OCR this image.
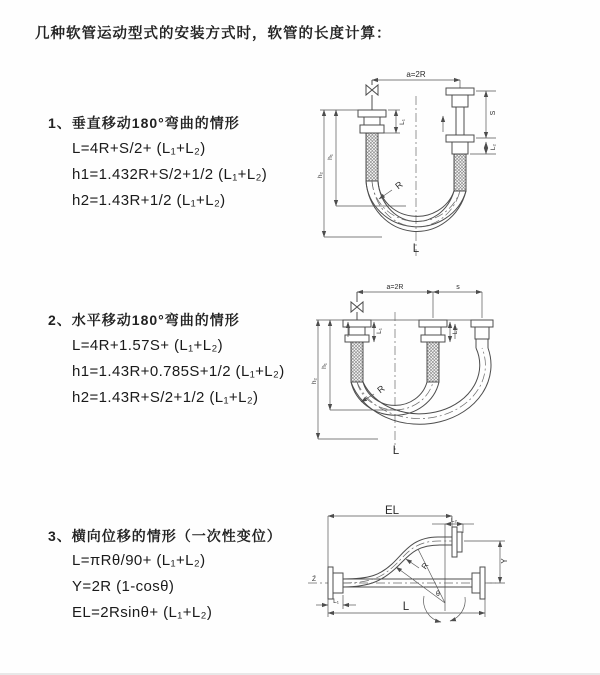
几种软管运动型式的安装方式时，软管的长度计算：
1、垂直移动180°弯曲的情形
L=4R+S/2+ (L₁+L₂)
h1=1.432R+S/2+1/2 (L₁+L₂)
h2=1.43R+1/2 (L₁+L₂)
2、水平移动180°弯曲的情形
L=4R+1.57S+ (L₁+L₂)
h1=1.43R+0.785S+1/2 (L₁+L₂)
h2=1.43R+S/2+1/2 (L₁+L₂)
3、横向位移的情形（一次性变位）
L=πRθ/90+ (L₁+L₂)
Y=2R (1-cosθ)
EL=2Rsinθ+ (L₁+L₂)
a=2R
L₁
h₁
h₂
S
L₂
R
L
a=2R	s
L₁	L₂
h₁
h₂
R
L
EL
L₂
Y
Z̄
θ
R
L₁	L
